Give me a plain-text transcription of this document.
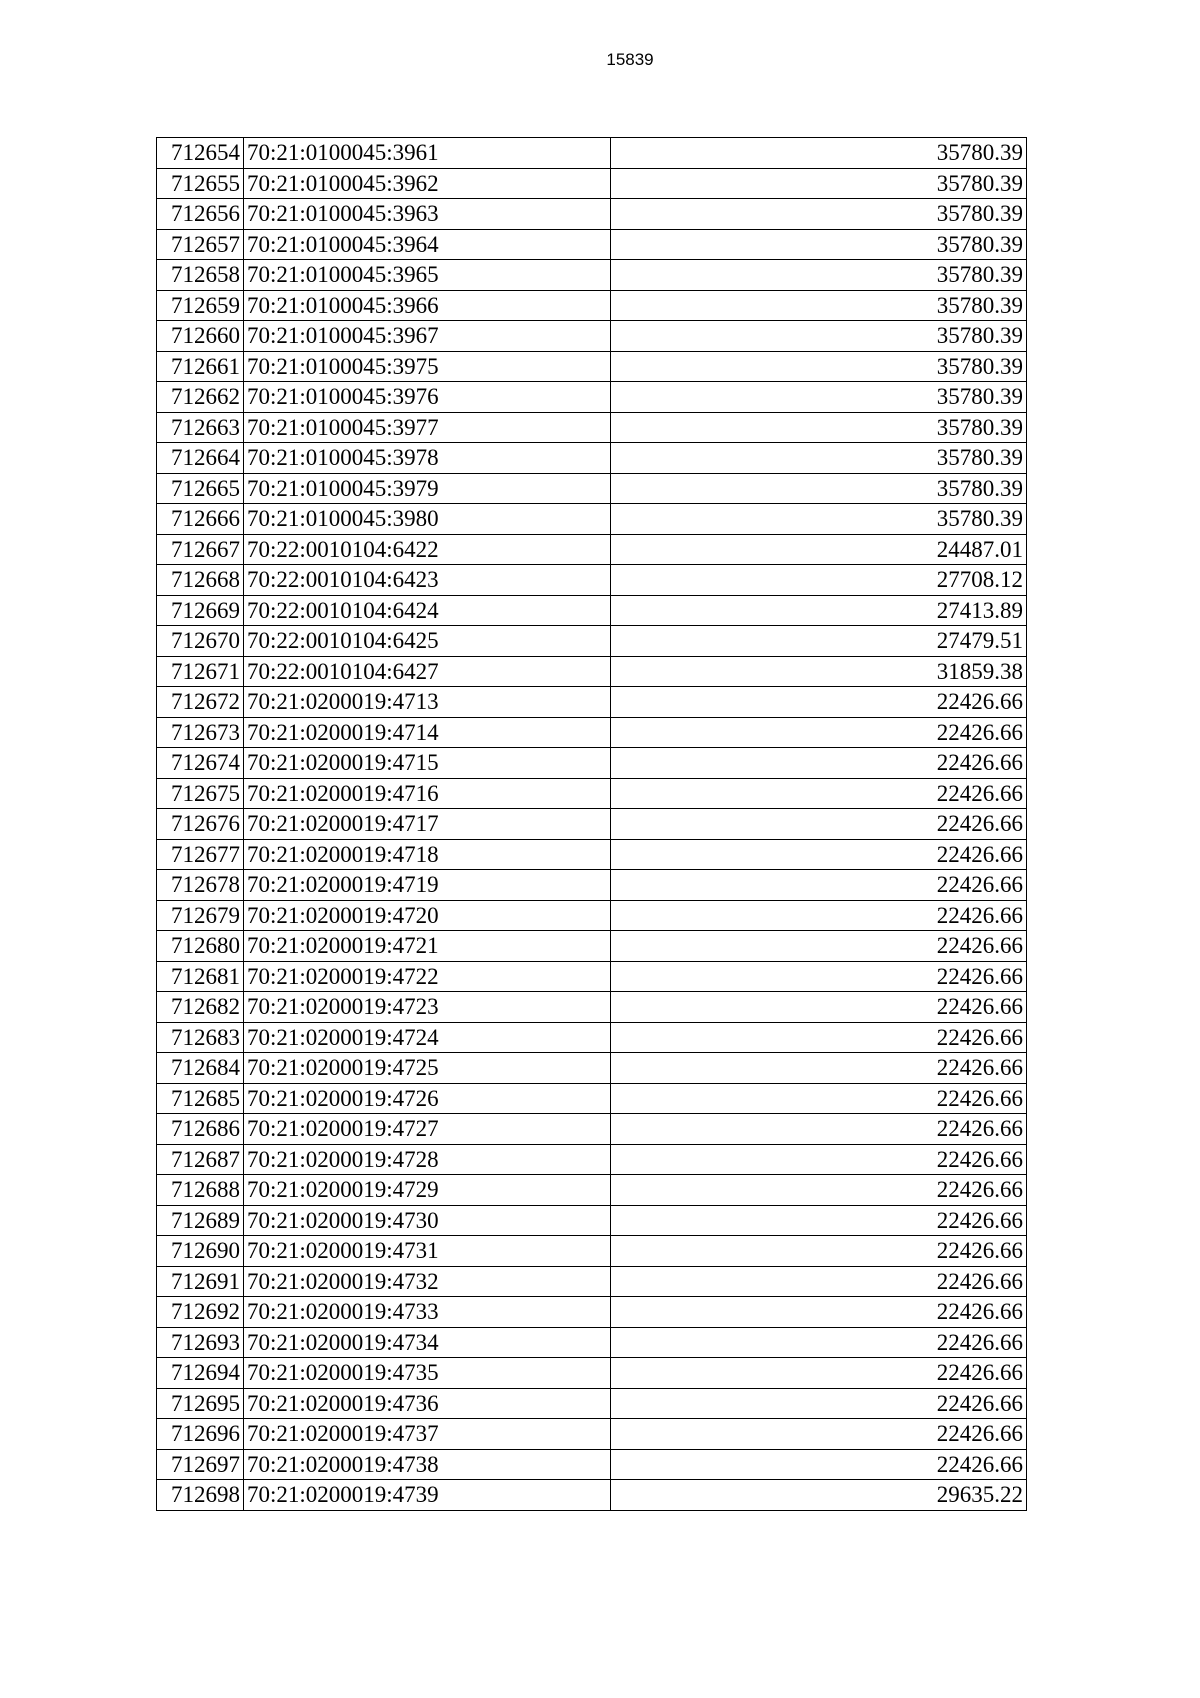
15839
712654	70:21:0100045:3961	35780.39
712655	70:21:0100045:3962	35780.39
712656	70:21:0100045:3963	35780.39
712657	70:21:0100045:3964	35780.39
712658	70:21:0100045:3965	35780.39
712659	70:21:0100045:3966	35780.39
712660	70:21:0100045:3967	35780.39
712661	70:21:0100045:3975	35780.39
712662	70:21:0100045:3976	35780.39
712663	70:21:0100045:3977	35780.39
712664	70:21:0100045:3978	35780.39
712665	70:21:0100045:3979	35780.39
712666	70:21:0100045:3980	35780.39
712667	70:22:0010104:6422	24487.01
712668	70:22:0010104:6423	27708.12
712669	70:22:0010104:6424	27413.89
712670	70:22:0010104:6425	27479.51
712671	70:22:0010104:6427	31859.38
712672	70:21:0200019:4713	22426.66
712673	70:21:0200019:4714	22426.66
712674	70:21:0200019:4715	22426.66
712675	70:21:0200019:4716	22426.66
712676	70:21:0200019:4717	22426.66
712677	70:21:0200019:4718	22426.66
712678	70:21:0200019:4719	22426.66
712679	70:21:0200019:4720	22426.66
712680	70:21:0200019:4721	22426.66
712681	70:21:0200019:4722	22426.66
712682	70:21:0200019:4723	22426.66
712683	70:21:0200019:4724	22426.66
712684	70:21:0200019:4725	22426.66
712685	70:21:0200019:4726	22426.66
712686	70:21:0200019:4727	22426.66
712687	70:21:0200019:4728	22426.66
712688	70:21:0200019:4729	22426.66
712689	70:21:0200019:4730	22426.66
712690	70:21:0200019:4731	22426.66
712691	70:21:0200019:4732	22426.66
712692	70:21:0200019:4733	22426.66
712693	70:21:0200019:4734	22426.66
712694	70:21:0200019:4735	22426.66
712695	70:21:0200019:4736	22426.66
712696	70:21:0200019:4737	22426.66
712697	70:21:0200019:4738	22426.66
712698	70:21:0200019:4739	29635.22
